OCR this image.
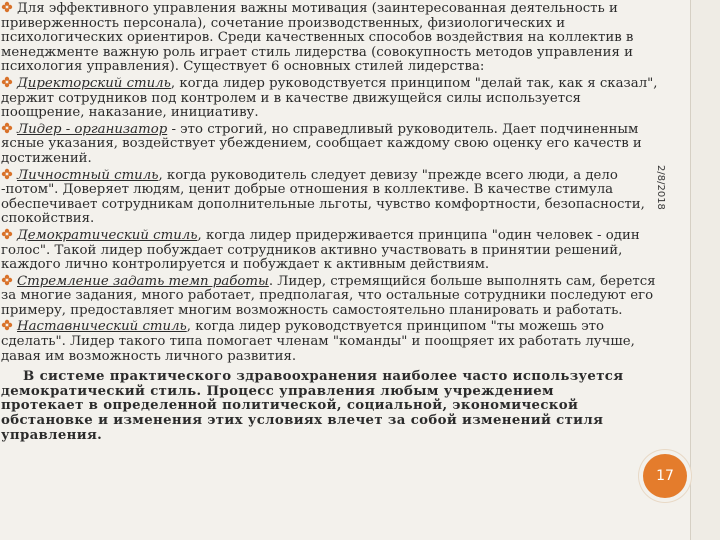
2/8/2018

Для эффективного управления важны мотивация (заинтересованная деятельность и приверженность персонала), сочетание производственных, физиологических и психологических ориентиров. Среди качественных способов воздействия на коллектив в менеджменте важную роль играет стиль лидерства (совокупность методов управления и психология управления). Существует 6 основных стилей лидерства:

Директорский стиль, когда лидер руководствуется принципом "делай так, как я сказал", держит сотрудников под контролем и в качестве движущейся силы используется поощрение, наказание, инициативу.

Лидер - организатор - это строгий, но справедливый руководитель. Дает подчиненным ясные указания, воздействует убеждением, сообщает каждому свою оценку его качеств и достижений.

Личностный стиль, когда руководитель следует девизу "прежде всего люди, а дело -потом". Доверяет людям, ценит добрые отношения в коллективе. В качестве стимула обеспечивает сотрудникам дополнительные льготы, чувство комфортности, безопасности, спокойствия.

Демократический стиль, когда лидер придерживается принципа "один человек - один голос". Такой лидер побуждает сотрудников активно участвовать в принятии решений, каждого лично контролируется и побуждает к активным действиям.

Стремление задать темп работы. Лидер, стремящийся больше выполнять сам, берется за многие задания, много работает, предполагая, что остальные сотрудники последуют его примеру, предоставляет многим возможность самостоятельно планировать и работать.

Наставнический стиль, когда лидер руководствуется принципом "ты можешь это сделать". Лидер такого типа помогает членам "команды" и поощряет их работать лучше, давая им возможность личного развития.

В системе практического здравоохранения наиболее часто используется демократический стиль. Процесс управления любым учреждением протекает в определенной политической, социальной, экономической обстановке и изменения этих условиях влечет за собой изменений стиля управления.

17
